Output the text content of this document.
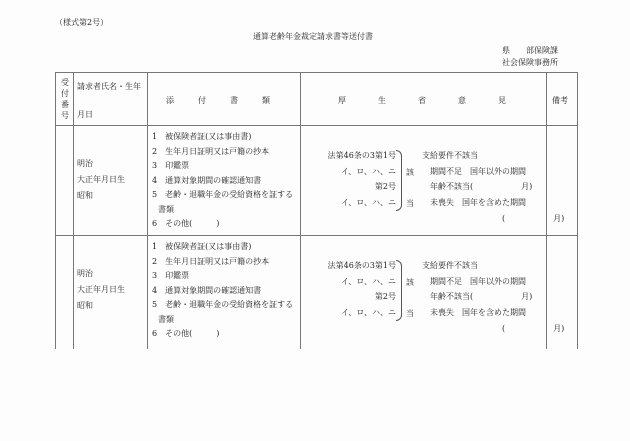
（様式第2号）
通算老齢年金裁定請求書等送付書
県　　部保険課
社会保険事務所
受付番号
請求者氏名・生年
月日
添　　　付　　　書　　　類	厚　　　　生　　　　省　　　　意　　　　見	備考
明治
大正年月日生
昭和
1　被保険者証(又は事由書)
2　生年月日証明又は戸籍の抄本
3　印鑑票
4　通算対象期間の確認通知書
5　老齢・退職年金の受給資格を証する
書類
6　その他(　　　)
法第46条の3第1号
イ、ロ、ハ、ニ
第2号
イ、ロ、ハ、ニ
該
当
支給要件不該当
期間不足　国年以外の期間
年齢不該当(　　　　　　月)
未喪失　国年を含めた期間
(　　　　　　月)
明治
大正年月日生
昭和
1　被保険者証(又は事由書)
2　生年月日証明又は戸籍の抄本
3　印鑑票
4　通算対象期間の確認通知書
5　老齢・退職年金の受給資格を証する
書類
6　その他(　　　)
法第46条の3第1号
イ、ロ、ハ、ニ
第2号
イ、ロ、ハ、ニ
該
当
支給要件不該当
期間不足　国年以外の期間
年齢不該当(　　　　　　月)
未喪失　国年を含めた期間
(　　　　　　月)
